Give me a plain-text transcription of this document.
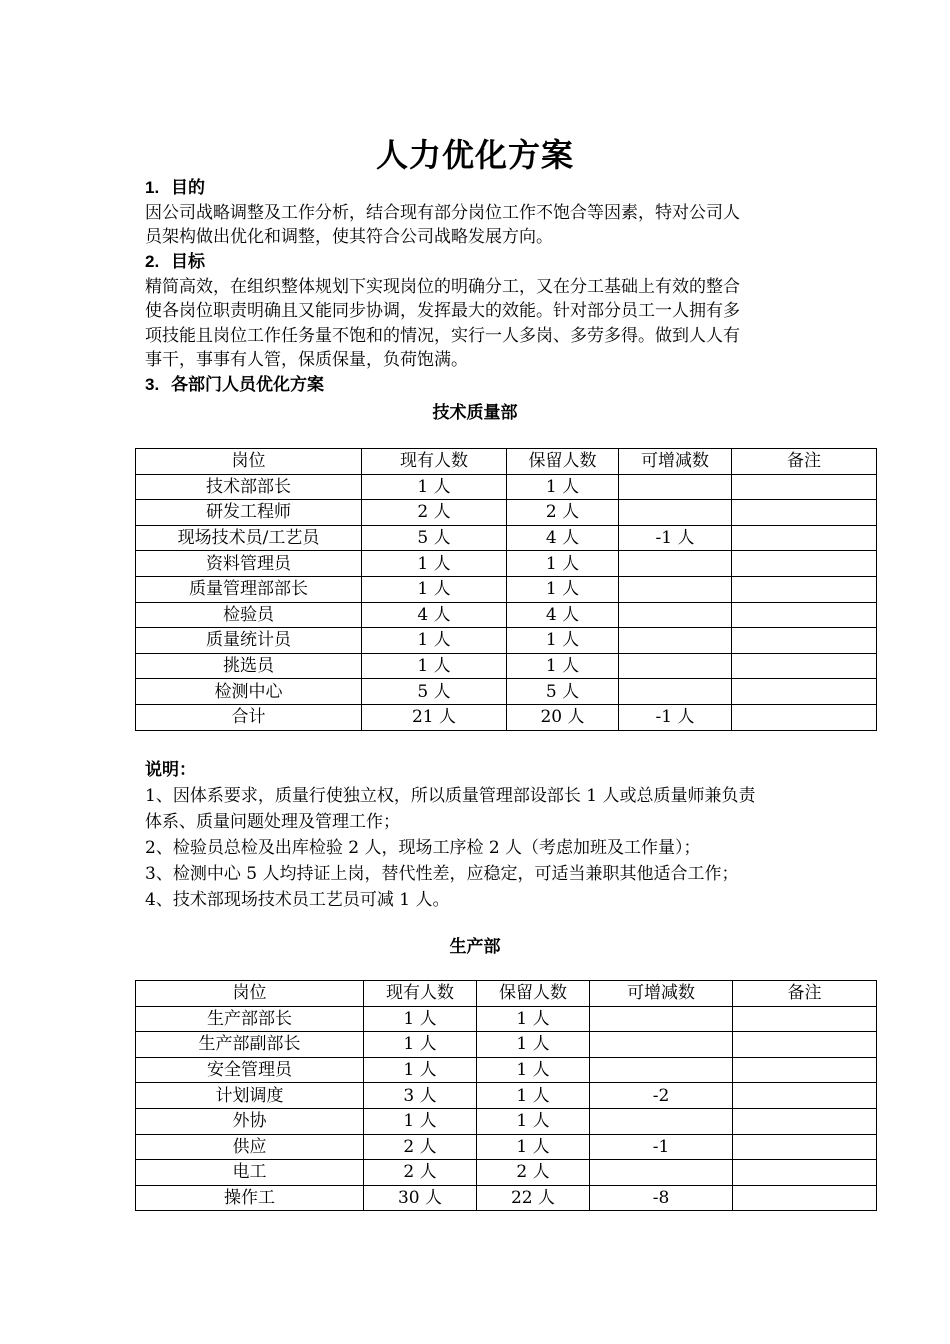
人力优化方案
1. 目的
因公司战略调整及工作分析，结合现有部分岗位工作不饱合等因素，特对公司人
员架构做出优化和调整，使其符合公司战略发展方向。
2. 目标
精简高效，在组织整体规划下实现岗位的明确分工，又在分工基础上有效的整合
使各岗位职责明确且又能同步协调，发挥最大的效能。针对部分员工一人拥有多
项技能且岗位工作任务量不饱和的情况，实行一人多岗、多劳多得。做到人人有
事干，事事有人管，保质保量，负荷饱满。
3. 各部门人员优化方案
技术质量部
岗位	现有人数	保留人数	可增减数	备注
技术部部长	1 人	1 人		
研发工程师	2 人	2 人		
现场技术员/工艺员	5 人	4 人	-1 人	
资料管理员	1 人	1 人		
质量管理部部长	1 人	1 人		
检验员	4 人	4 人		
质量统计员	1 人	1 人		
挑选员	1 人	1 人		
检测中心	5 人	5 人		
合计	21 人	20 人	-1 人	
说明：
1、因体系要求，质量行使独立权，所以质量管理部设部长 1 人或总质量师兼负责
体系、质量问题处理及管理工作；
2、检验员总检及出库检验 2 人，现场工序检 2 人（考虑加班及工作量）；
3、检测中心 5 人均持证上岗，替代性差，应稳定，可适当兼职其他适合工作；
4、技术部现场技术员工艺员可减 1 人。
生产部
岗位	现有人数	保留人数	可增减数	备注
生产部部长	1 人	1 人		
生产部副部长	1 人	1 人		
安全管理员	1 人	1 人		
计划调度	3 人	1 人	-2	
外协	1 人	1 人		
供应	2 人	1 人	-1	
电工	2 人	2 人		
操作工	30 人	22 人	-8	
